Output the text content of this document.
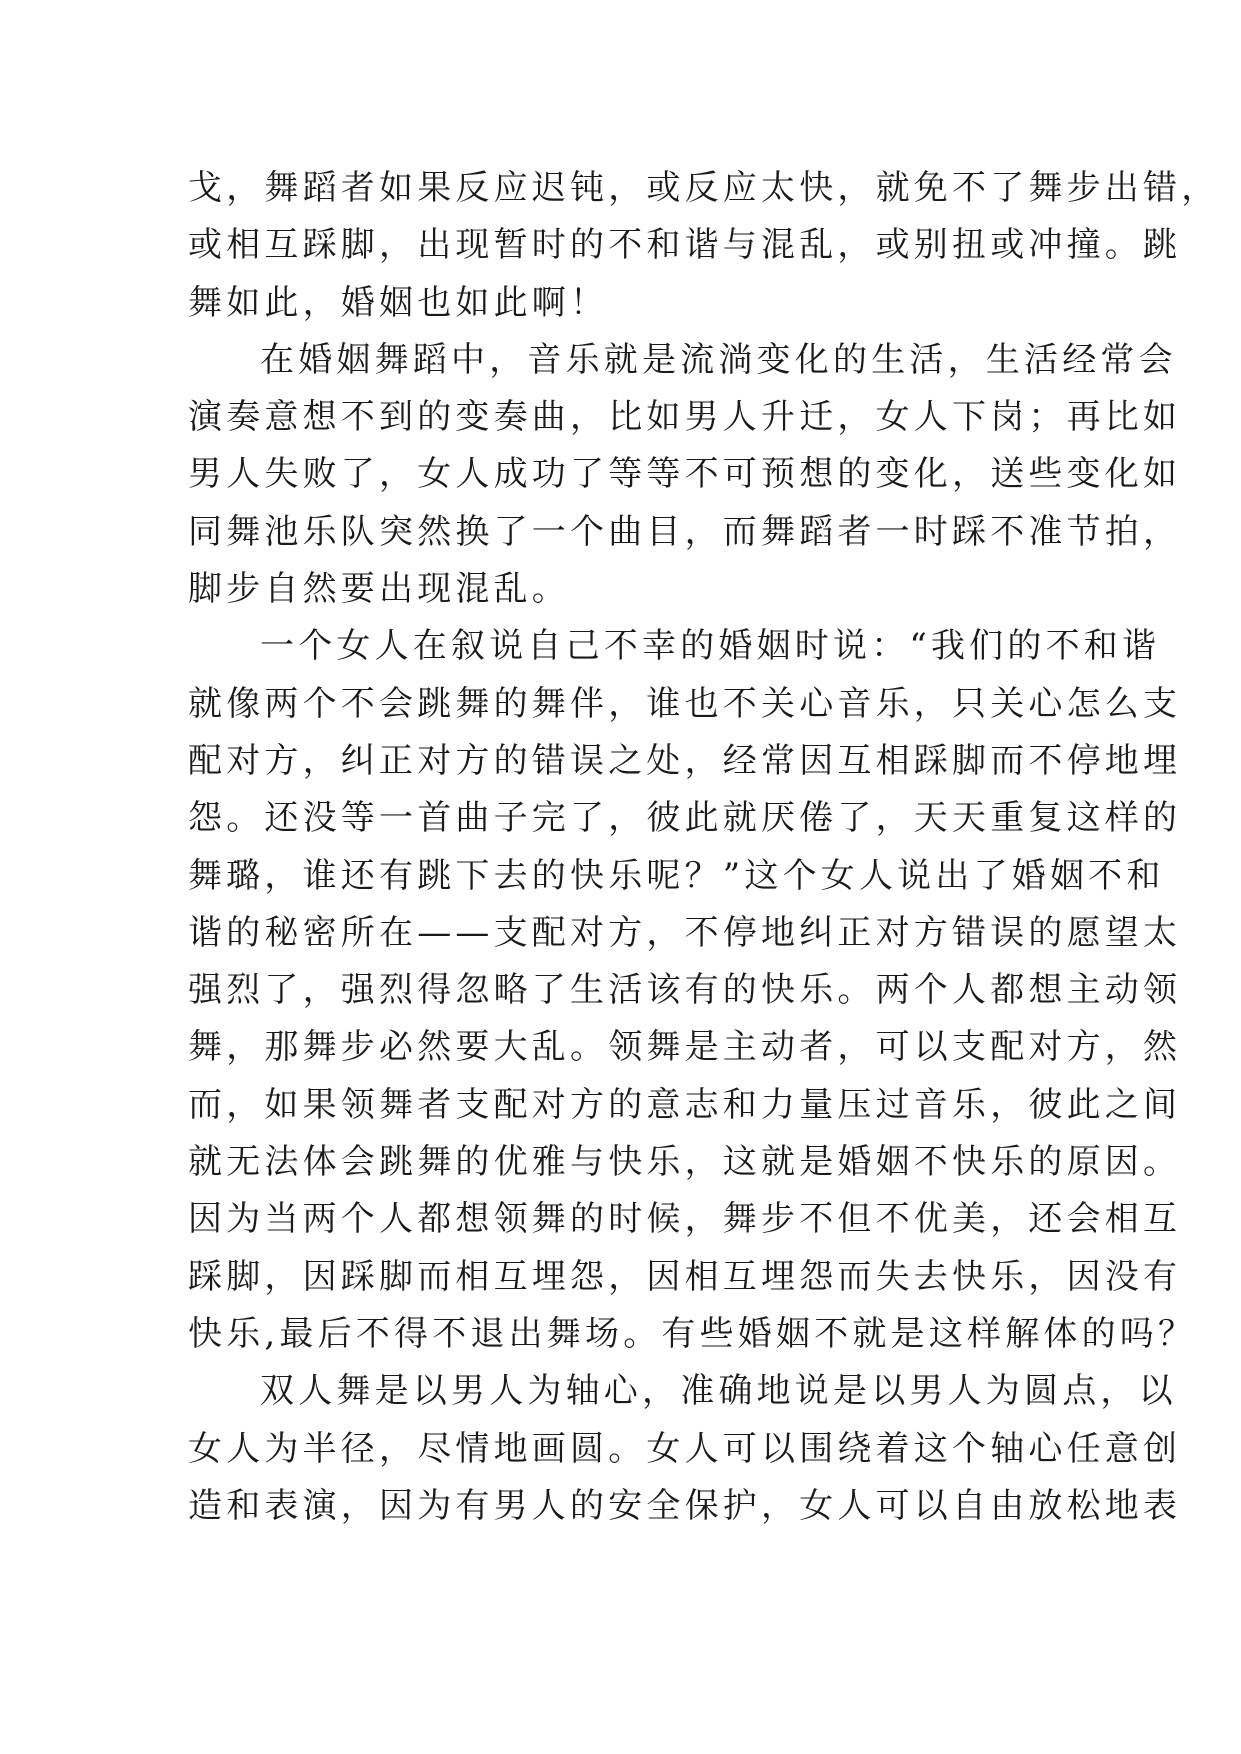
戈，舞蹈者如果反应迟钝，或反应太快，就免不了舞步出错，
或相互踩脚，出现暂时的不和谐与混乱，或别扭或冲撞。跳
舞如此，婚姻也如此啊！
在婚姻舞蹈中，音乐就是流淌变化的生活，生活经常会
演奏意想不到的变奏曲，比如男人升迁，女人下岗；再比如
男人失败了，女人成功了等等不可预想的变化，送些变化如
同舞池乐队突然换了一个曲目，而舞蹈者一时踩不准节拍，
脚步自然要出现混乱。
一个女人在叙说自己不幸的婚姻时说：“我们的不和谐
就像两个不会跳舞的舞伴，谁也不关心音乐，只关心怎么支
配对方，纠正对方的错误之处，经常因互相踩脚而不停地埋
怨。还没等一首曲子完了，彼此就厌倦了，天天重复这样的
舞璐，谁还有跳下去的快乐呢？”这个女人说出了婚姻不和
谐的秘密所在——支配对方，不停地纠正对方错误的愿望太
强烈了，强烈得忽略了生活该有的快乐。两个人都想主动领
舞，那舞步必然要大乱。领舞是主动者，可以支配对方，然
而，如果领舞者支配对方的意志和力量压过音乐，彼此之间
就无法体会跳舞的优雅与快乐，这就是婚姻不快乐的原因。
因为当两个人都想领舞的时候，舞步不但不优美，还会相互
踩脚，因踩脚而相互埋怨，因相互埋怨而失去快乐，因没有
快乐,最后不得不退出舞场。有些婚姻不就是这样解体的吗？
双人舞是以男人为轴心，准确地说是以男人为圆点，以
女人为半径，尽情地画圆。女人可以围绕着这个轴心任意创
造和表演，因为有男人的安全保护，女人可以自由放松地表
